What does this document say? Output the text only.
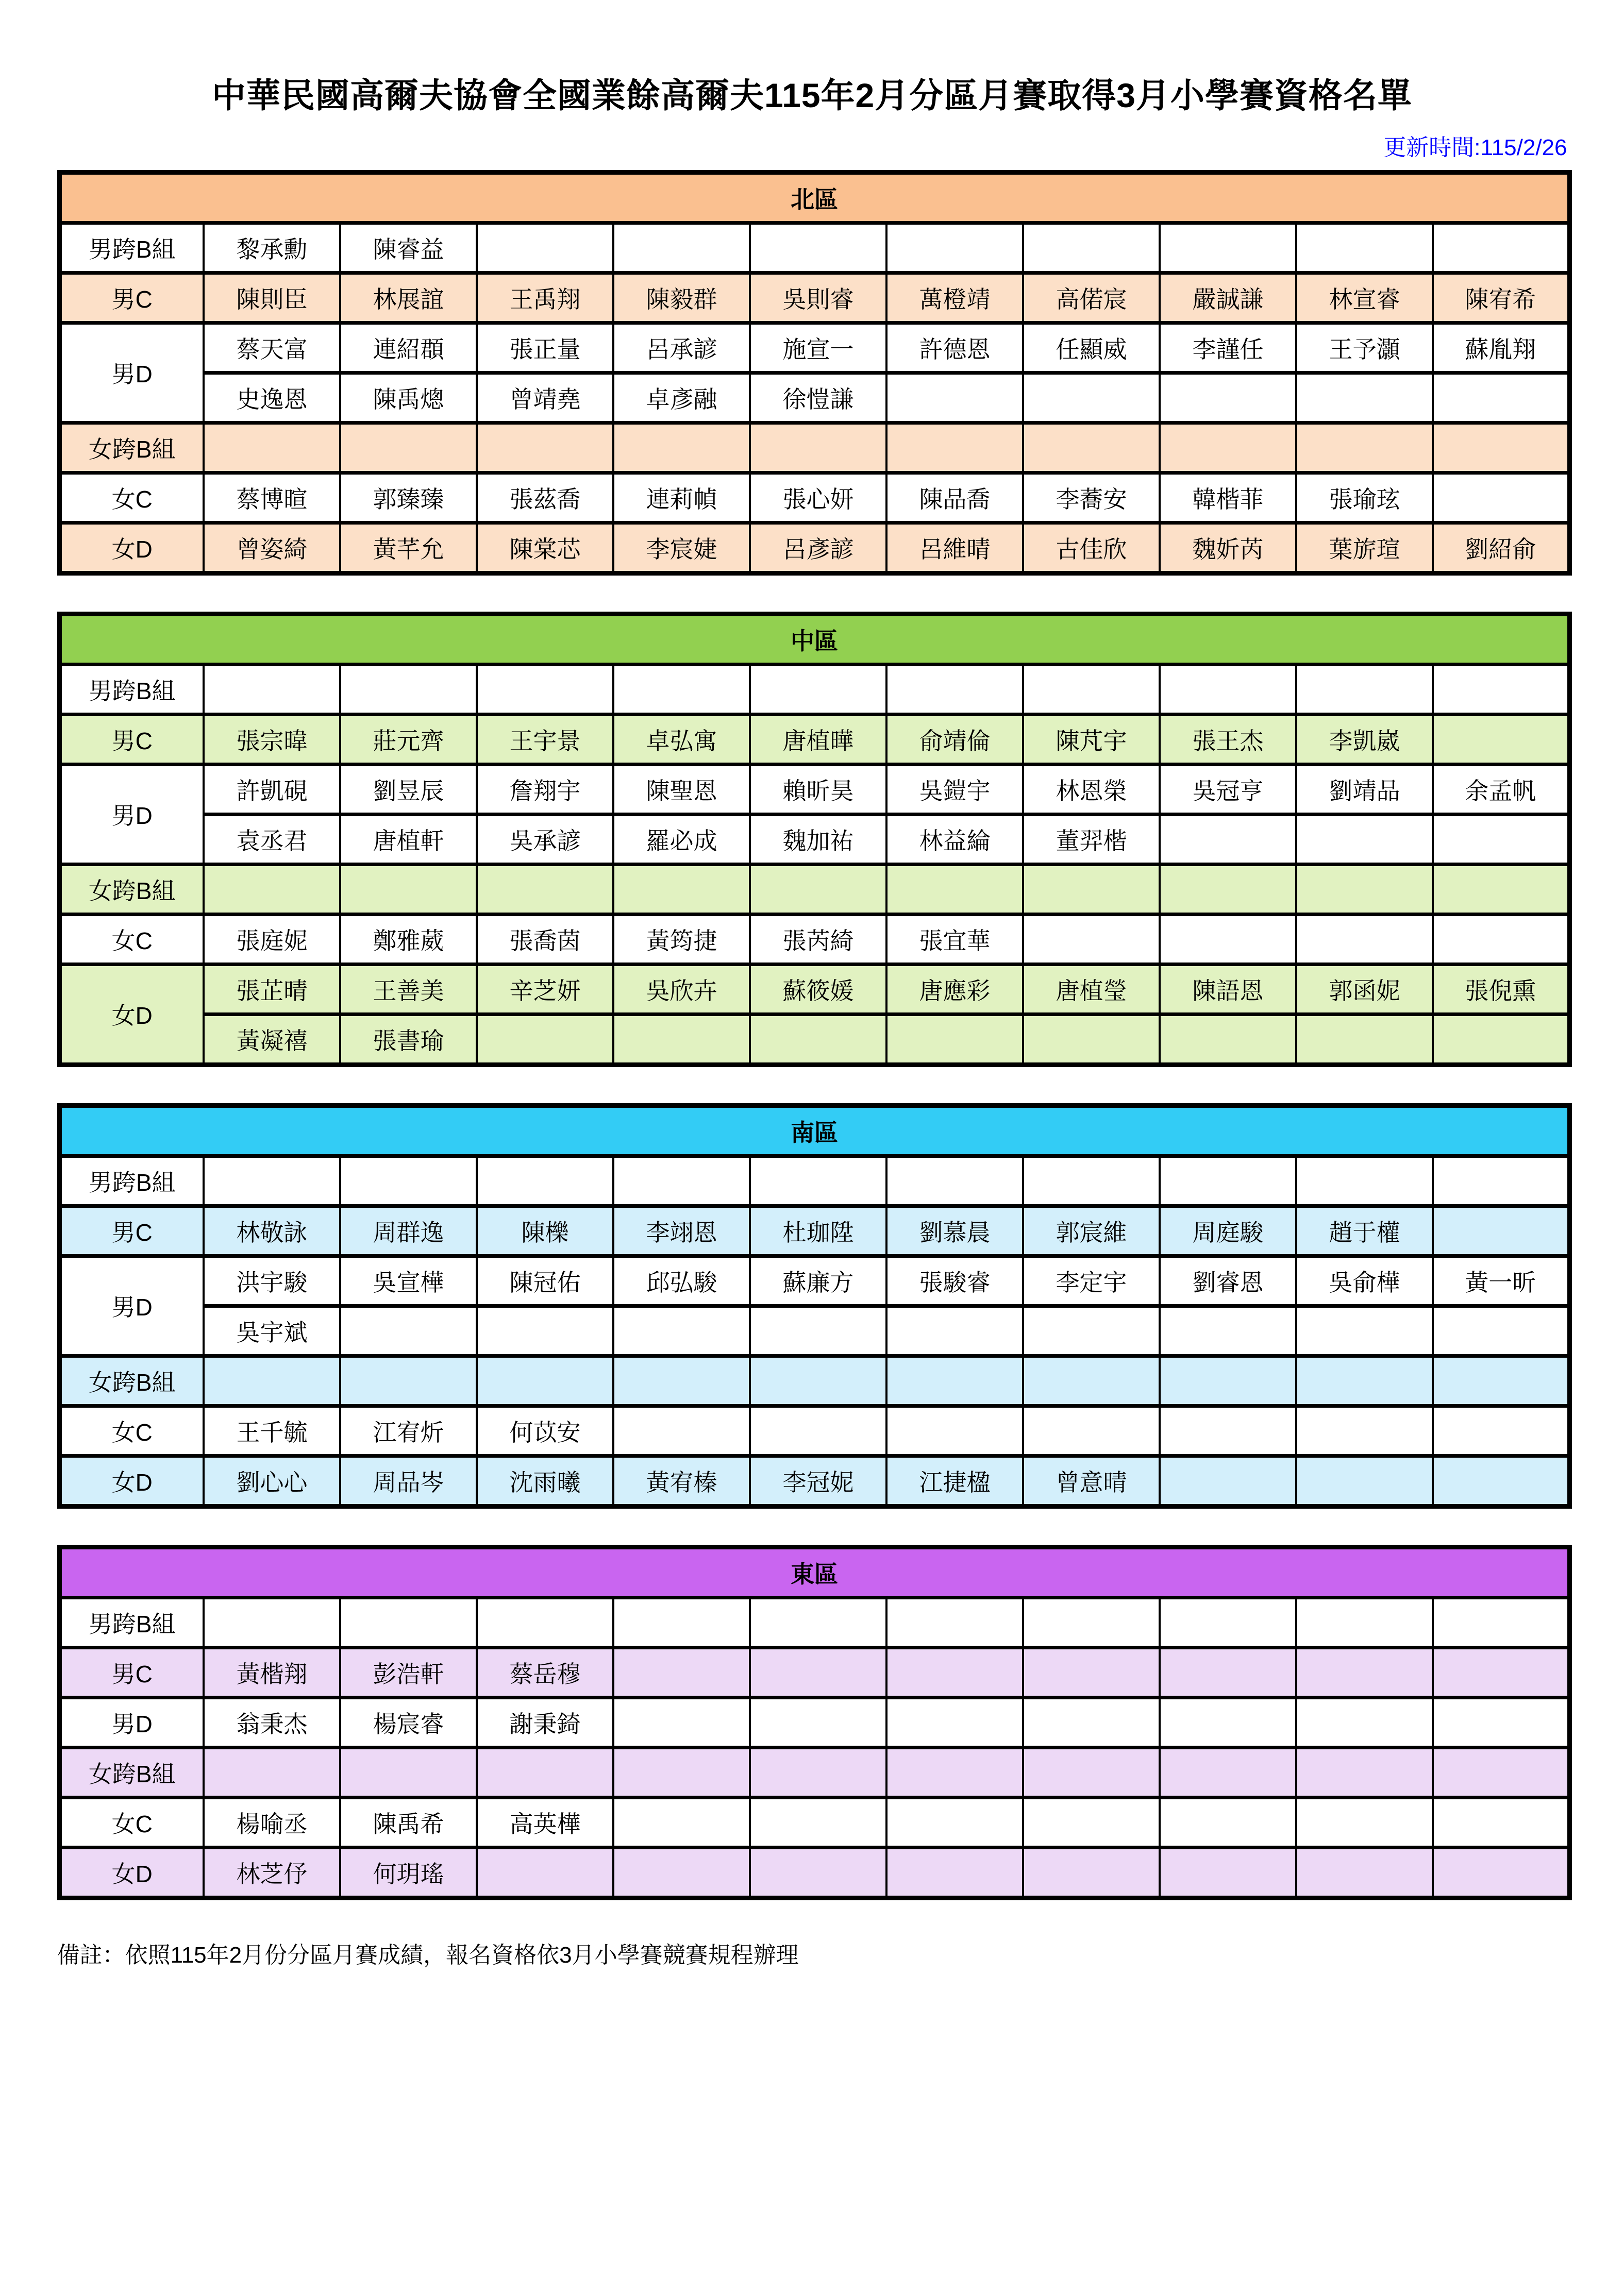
中華民國高爾夫協會全國業餘高爾夫115年2月分區月賽取得3月小學賽資格名單
更新時間:115/2/26
北區										
男跨B組	黎承勳	陳睿益								
男C	陳則臣	林展誼	王禹翔	陳毅群	吳則睿	萬橙靖	高偌宸	嚴誠謙	林宣睿	陳宥希
男D	蔡天富	連紹頵	張正量	呂承諺	施宣一	許德恩	任顯威	李謹任	王予灝	蘇胤翔
	史逸恩	陳禹熜	曾靖堯	卓彥融	徐愷謙					
女跨B組										
女C	蔡博暄	郭臻臻	張茲喬	連莉幀	張心妍	陳品喬	李蕎安	韓楷菲	張瑜玹	
女D	曾姿綺	黃芊允	陳棠芯	李宸婕	呂彥諺	呂維晴	古佳欣	魏妡芮	葉旂瑄	劉紹俞
中區										
男跨B組										
男C	張宗暐	莊元齊	王宇景	卓弘寓	唐植曄	俞靖倫	陳芃宇	張王杰	李凱崴	
男D	許凱硯	劉昱辰	詹翔宇	陳聖恩	賴昕昊	吳鎧宇	林恩榮	吳冠亨	劉靖品	余孟帆
	袁丞君	唐植軒	吳承諺	羅必成	魏加祐	林益綸	董羿楷			
女跨B組										
女C	張庭妮	鄭雅葳	張喬茵	黃筠捷	張芮綺	張宜華				
女D	張芷晴	王善美	辛芝妍	吳欣卉	蘇筱媛	唐應彩	唐植瑩	陳語恩	郭函妮	張倪熏
	黃凝禧	張書瑜								
南區										
男跨B組										
男C	林敬詠	周群逸	陳櫟	李翊恩	杜珈陞	劉慕晨	郭宸維	周庭駿	趙于權	
男D	洪宇駿	吳宣樺	陳冠佑	邱弘駿	蘇廉方	張駿睿	李定宇	劉睿恩	吳俞樺	黃一昕
	吳宇斌									
女跨B組										
女C	王千毓	江宥炘	何苡安							
女D	劉心心	周品岑	沈雨曦	黃宥榛	李冠妮	江捷楹	曾意晴			
東區										
男跨B組										
男C	黃楷翔	彭浩軒	蔡岳穆							
男D	翁秉杰	楊宸睿	謝秉錡							
女跨B組										
女C	楊喻丞	陳禹希	高英樺							
女D	林芝伃	何玥瑤								
備註：依照115年2月份分區月賽成績，報名資格依3月小學賽競賽規程辦理
